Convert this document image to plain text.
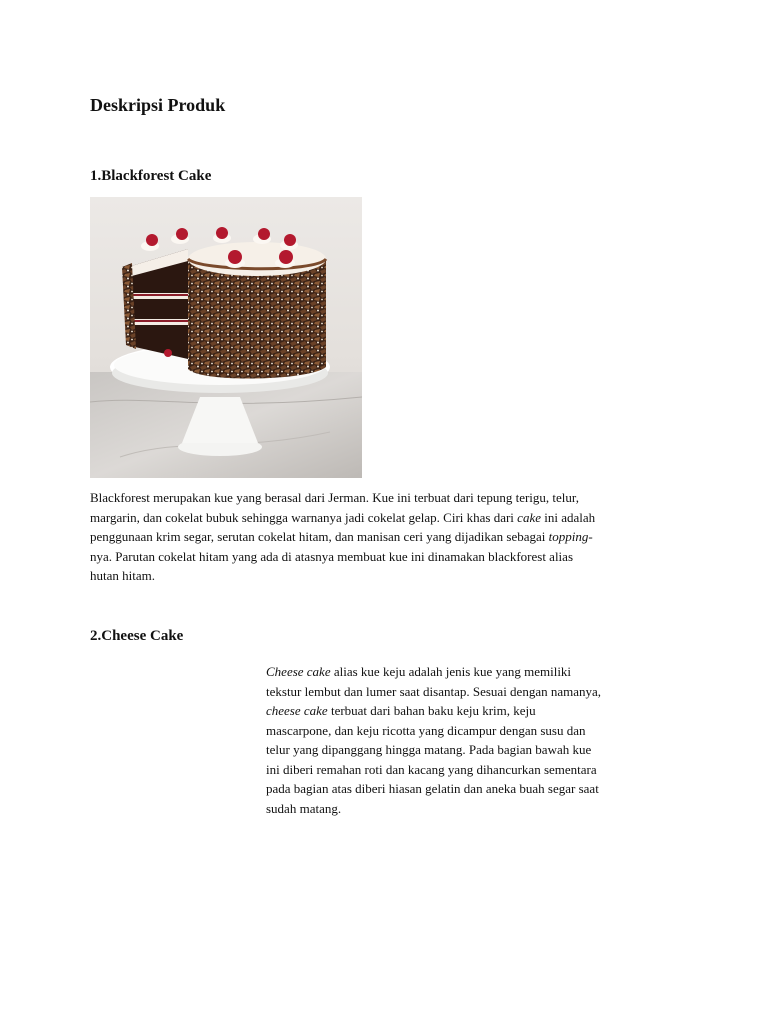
Deskripsi Produk
1.Blackforest Cake

Blackforest merupakan kue yang berasal dari Jerman. Kue ini terbuat dari tepung terigu, telur,
margarin, dan cokelat bubuk sehingga warnanya jadi cokelat gelap. Ciri khas dari cake ini adalah
penggunaan krim segar, serutan cokelat hitam, dan manisan ceri yang dijadikan sebagai topping-
nya. Parutan cokelat hitam yang ada di atasnya membuat kue ini dinamakan blackforest alias
hutan hitam.

2.Cheese Cake

Cheese cake alias kue keju adalah jenis kue yang memiliki
tekstur lembut dan lumer saat disantap. Sesuai dengan namanya,
cheese cake terbuat dari bahan baku keju krim, keju
mascarpone, dan keju ricotta yang dicampur dengan susu dan
telur yang dipanggang hingga matang. Pada bagian bawah kue
ini diberi remahan roti dan kacang yang dihancurkan sementara
pada bagian atas diberi hiasan gelatin dan aneka buah segar saat
sudah matang.
